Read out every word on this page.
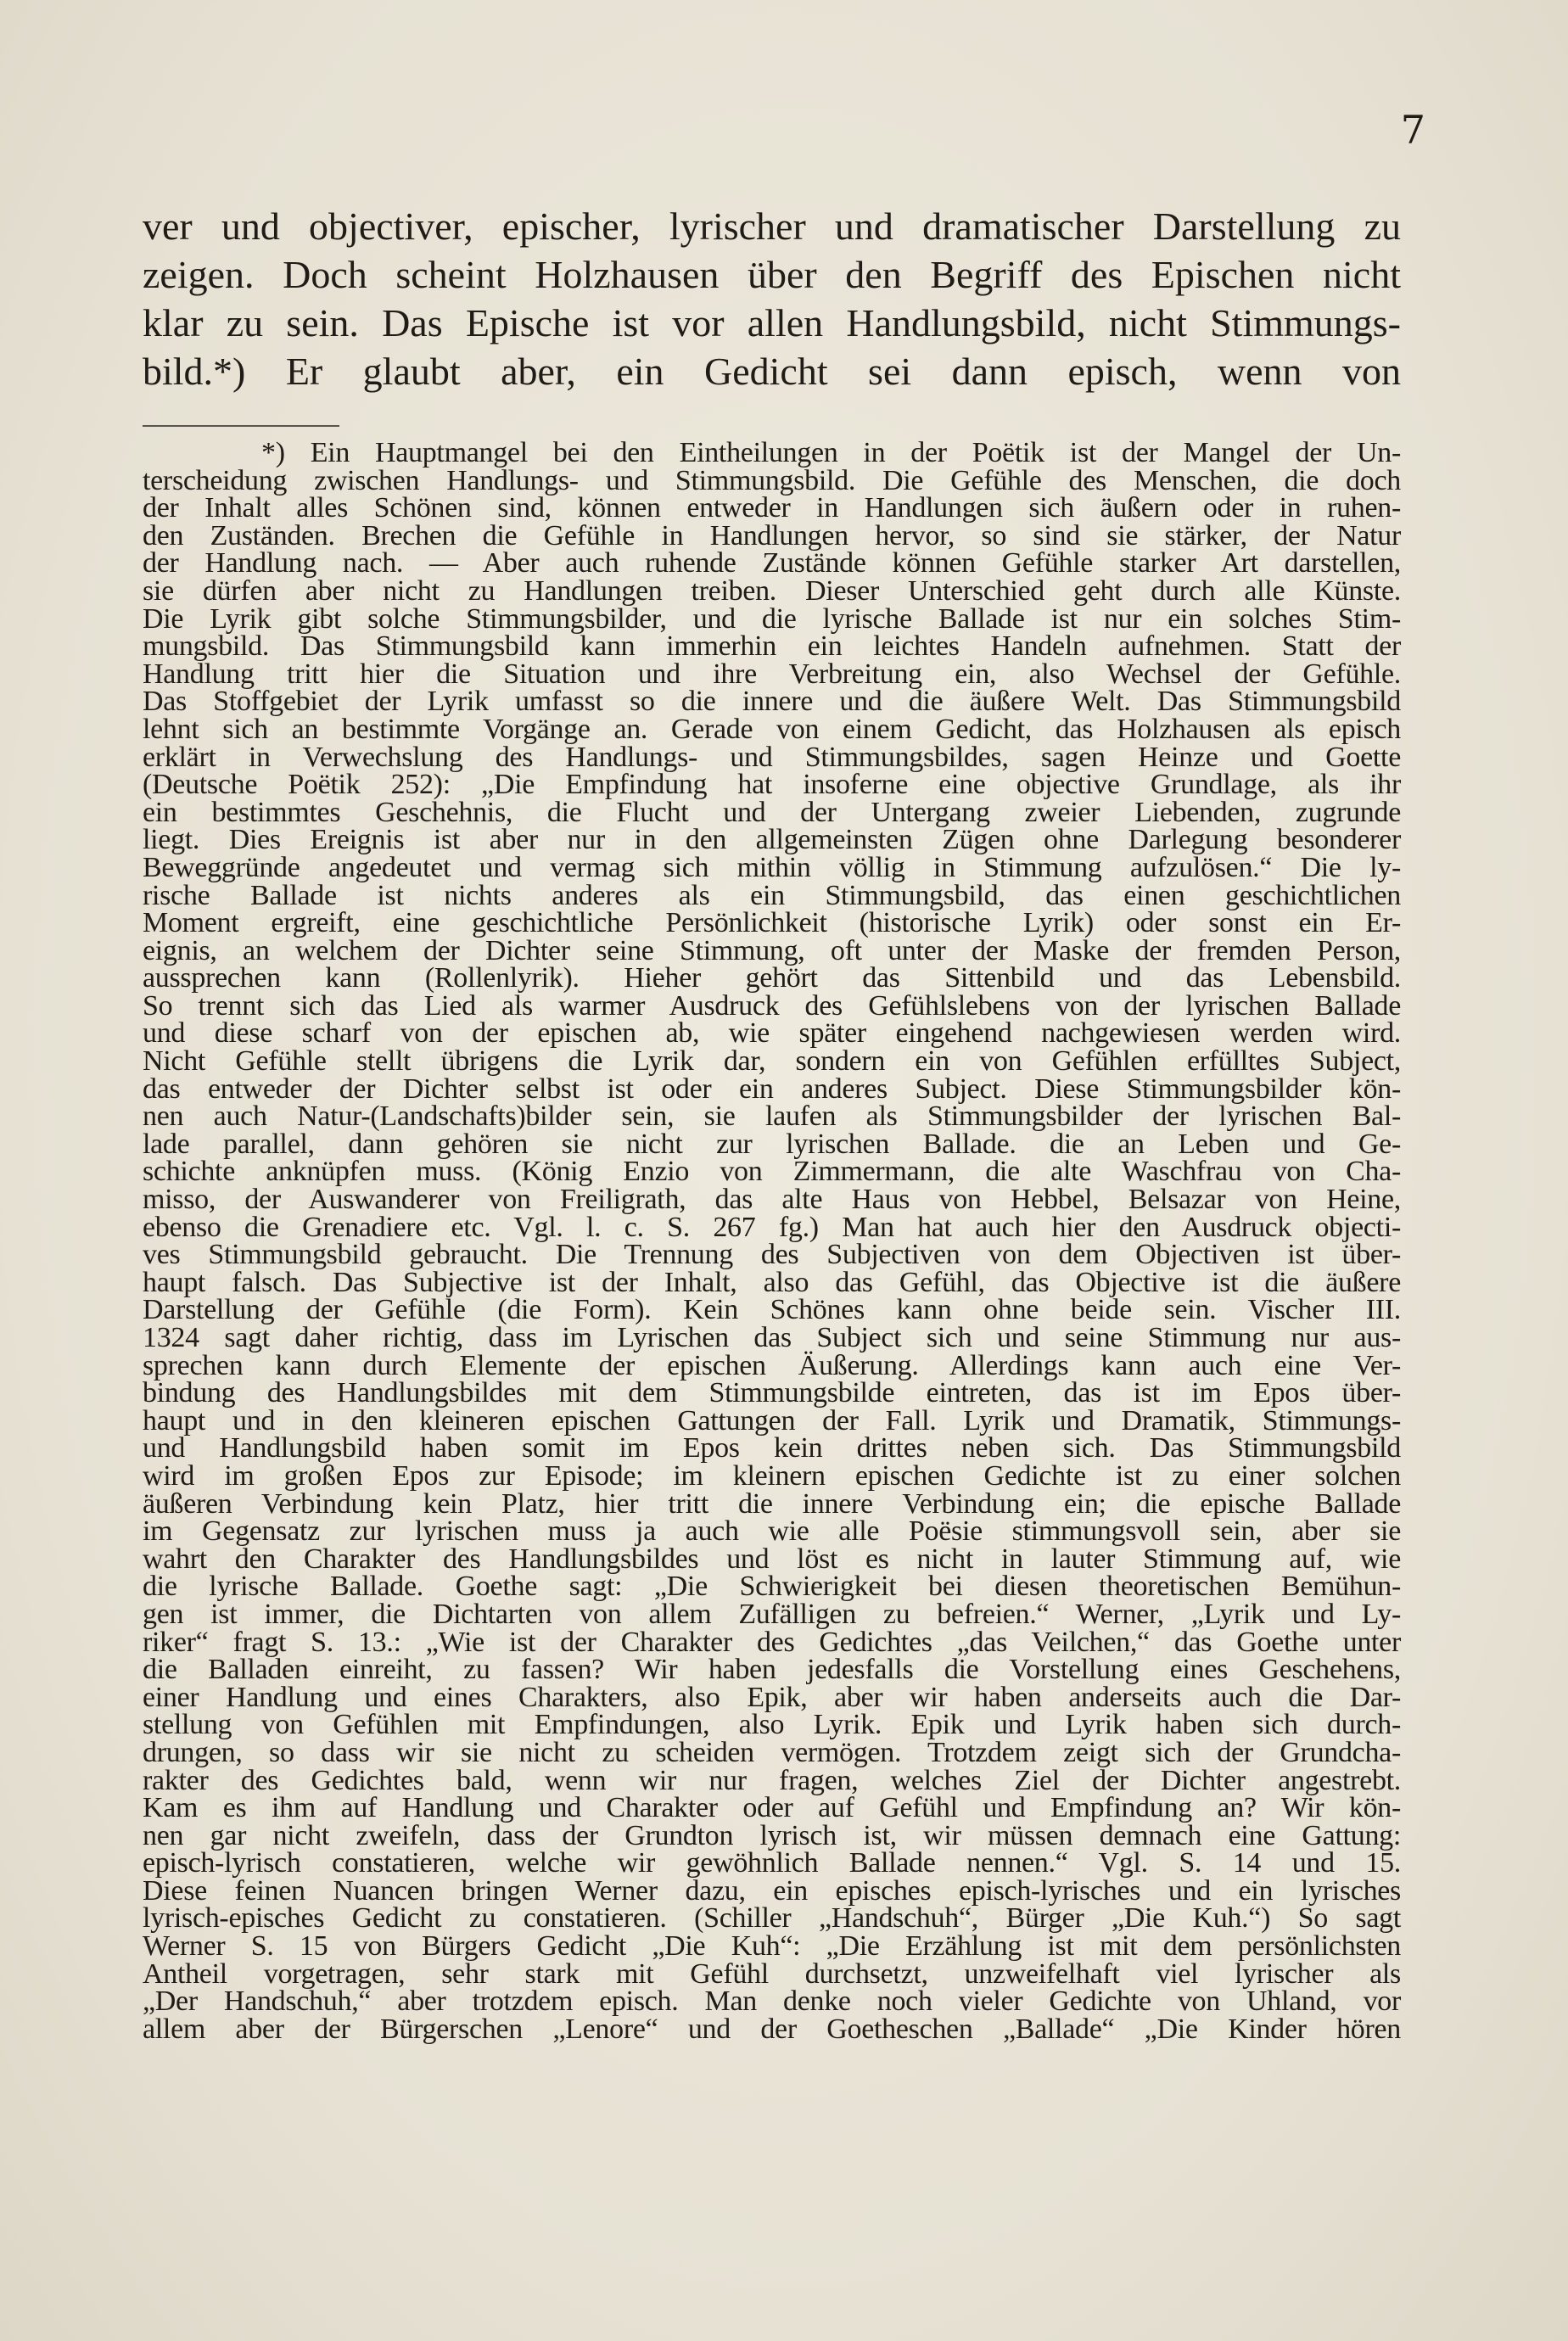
7
ver und objectiver, epischer, lyrischer und dramatischer Darstellung zu
zeigen. Doch scheint Holzhausen über den Begriff des Epischen nicht
klar zu sein. Das Epische ist vor allen Handlungsbild, nicht Stimmungs-
bild.*) Er glaubt aber, ein Gedicht sei dann episch, wenn von
*) Ein Hauptmangel bei den Eintheilungen in der Poëtik ist der Mangel der Un-
terscheidung zwischen Handlungs- und Stimmungsbild. Die Gefühle des Menschen, die doch
der Inhalt alles Schönen sind, können entweder in Handlungen sich äußern oder in ruhen-
den Zuständen. Brechen die Gefühle in Handlungen hervor, so sind sie stärker, der Natur
der Handlung nach. — Aber auch ruhende Zustände können Gefühle starker Art darstellen,
sie dürfen aber nicht zu Handlungen treiben. Dieser Unterschied geht durch alle Künste.
Die Lyrik gibt solche Stimmungsbilder, und die lyrische Ballade ist nur ein solches Stim-
mungsbild. Das Stimmungsbild kann immerhin ein leichtes Handeln aufnehmen. Statt der
Handlung tritt hier die Situation und ihre Verbreitung ein, also Wechsel der Gefühle.
Das Stoffgebiet der Lyrik umfasst so die innere und die äußere Welt. Das Stimmungsbild
lehnt sich an bestimmte Vorgänge an. Gerade von einem Gedicht, das Holzhausen als episch
erklärt in Verwechslung des Handlungs- und Stimmungsbildes, sagen Heinze und Goette
(Deutsche Poëtik 252): „Die Empfindung hat insoferne eine objective Grundlage, als ihr
ein bestimmtes Geschehnis, die Flucht und der Untergang zweier Liebenden, zugrunde
liegt. Dies Ereignis ist aber nur in den allgemeinsten Zügen ohne Darlegung besonderer
Beweggründe angedeutet und vermag sich mithin völlig in Stimmung aufzulösen.“ Die ly-
rische Ballade ist nichts anderes als ein Stimmungsbild, das einen geschichtlichen
Moment ergreift, eine geschichtliche Persönlichkeit (historische Lyrik) oder sonst ein Er-
eignis, an welchem der Dichter seine Stimmung, oft unter der Maske der fremden Person,
aussprechen kann (Rollenlyrik). Hieher gehört das Sittenbild und das Lebensbild.
So trennt sich das Lied als warmer Ausdruck des Gefühlslebens von der lyrischen Ballade
und diese scharf von der epischen ab, wie später eingehend nachgewiesen werden wird.
Nicht Gefühle stellt übrigens die Lyrik dar, sondern ein von Gefühlen erfülltes Subject,
das entweder der Dichter selbst ist oder ein anderes Subject. Diese Stimmungsbilder kön-
nen auch Natur-(Landschafts)bilder sein, sie laufen als Stimmungsbilder der lyrischen Bal-
lade parallel, dann gehören sie nicht zur lyrischen Ballade. die an Leben und Ge-
schichte anknüpfen muss. (König Enzio von Zimmermann, die alte Waschfrau von Cha-
misso, der Auswanderer von Freiligrath, das alte Haus von Hebbel, Belsazar von Heine,
ebenso die Grenadiere etc. Vgl. l. c. S. 267 fg.) Man hat auch hier den Ausdruck objecti-
ves Stimmungsbild gebraucht. Die Trennung des Subjectiven von dem Objectiven ist über-
haupt falsch. Das Subjective ist der Inhalt, also das Gefühl, das Objective ist die äußere
Darstellung der Gefühle (die Form). Kein Schönes kann ohne beide sein. Vischer III.
1324 sagt daher richtig, dass im Lyrischen das Subject sich und seine Stimmung nur aus-
sprechen kann durch Elemente der epischen Äußerung. Allerdings kann auch eine Ver-
bindung des Handlungsbildes mit dem Stimmungsbilde eintreten, das ist im Epos über-
haupt und in den kleineren epischen Gattungen der Fall. Lyrik und Dramatik, Stimmungs-
und Handlungsbild haben somit im Epos kein drittes neben sich. Das Stimmungsbild
wird im großen Epos zur Episode; im kleinern epischen Gedichte ist zu einer solchen
äußeren Verbindung kein Platz, hier tritt die innere Verbindung ein; die epische Ballade
im Gegensatz zur lyrischen muss ja auch wie alle Poësie stimmungsvoll sein, aber sie
wahrt den Charakter des Handlungsbildes und löst es nicht in lauter Stimmung auf, wie
die lyrische Ballade. Goethe sagt: „Die Schwierigkeit bei diesen theoretischen Bemühun-
gen ist immer, die Dichtarten von allem Zufälligen zu befreien.“ Werner, „Lyrik und Ly-
riker“ fragt S. 13.: „Wie ist der Charakter des Gedichtes „das Veilchen,“ das Goethe unter
die Balladen einreiht, zu fassen? Wir haben jedesfalls die Vorstellung eines Geschehens,
einer Handlung und eines Charakters, also Epik, aber wir haben anderseits auch die Dar-
stellung von Gefühlen mit Empfindungen, also Lyrik. Epik und Lyrik haben sich durch-
drungen, so dass wir sie nicht zu scheiden vermögen. Trotzdem zeigt sich der Grundcha-
rakter des Gedichtes bald, wenn wir nur fragen, welches Ziel der Dichter angestrebt.
Kam es ihm auf Handlung und Charakter oder auf Gefühl und Empfindung an? Wir kön-
nen gar nicht zweifeln, dass der Grundton lyrisch ist, wir müssen demnach eine Gattung:
episch-lyrisch constatieren, welche wir gewöhnlich Ballade nennen.“ Vgl. S. 14 und 15.
Diese feinen Nuancen bringen Werner dazu, ein episches episch-lyrisches und ein lyrisches
lyrisch-episches Gedicht zu constatieren. (Schiller „Handschuh“, Bürger „Die Kuh.“) So sagt
Werner S. 15 von Bürgers Gedicht „Die Kuh“: „Die Erzählung ist mit dem persönlichsten
Antheil vorgetragen, sehr stark mit Gefühl durchsetzt, unzweifelhaft viel lyrischer als
„Der Handschuh,“ aber trotzdem episch. Man denke noch vieler Gedichte von Uhland, vor
allem aber der Bürgerschen „Lenore“ und der Goetheschen „Ballade“ „Die Kinder hören
